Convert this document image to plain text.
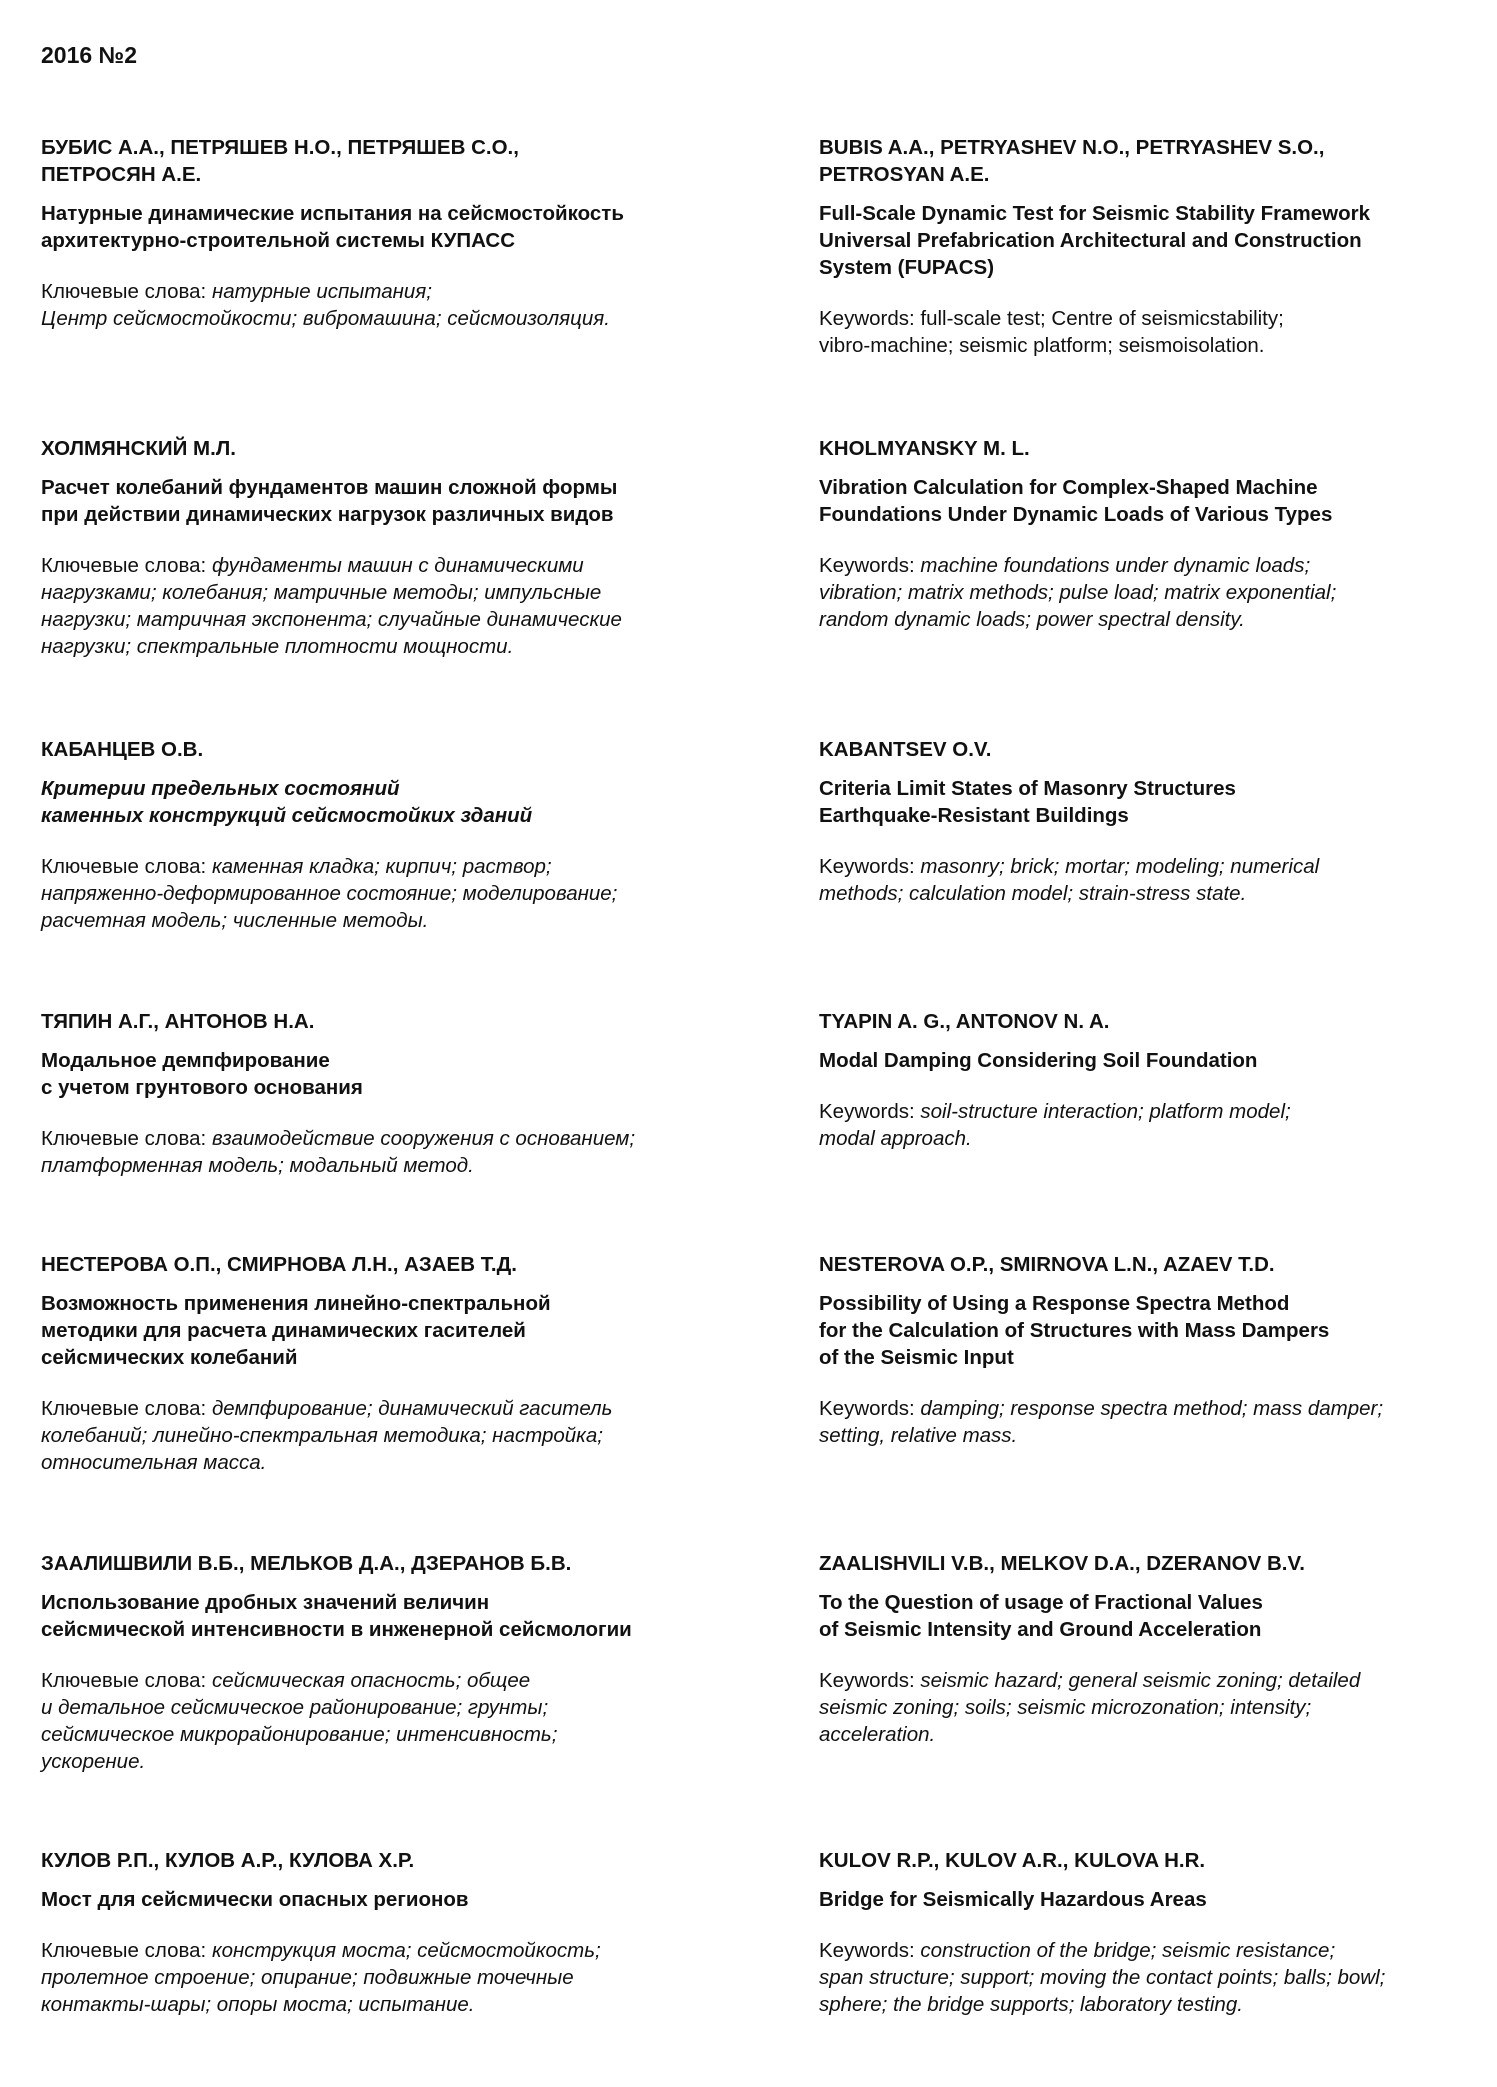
2016 №2
БУБИС А.А., ПЕТРЯШЕВ Н.О., ПЕТРЯШЕВ С.О.,
ПЕТРОСЯН А.Е.
Натурные динамические испытания на сейсмостойкость
архитектурно-строительной системы КУПАСС
Ключевые слова: натурные испытания;
Центр сейсмостойкости; вибромашина; сейсмоизоляция.
BUBIS A.A., PETRYASHEV N.O., PETRYASHEV S.O.,
PETROSYAN A.E.
Full-Scale Dynamic Test for Seismic Stability Framework
Universal Prefabrication Architectural and Construction
System (FUPACS)
Keywords: full-scale test; Centre of seismicstability;
vibro-machine; seismic platform; seismoisolation.
ХОЛМЯНСКИЙ М.Л.
Расчет колебаний фундаментов машин сложной формы
при действии динамических нагрузок различных видов
Ключевые слова: фундаменты машин с динамическими
нагрузками; колебания; матричные методы; импульсные
нагрузки; матричная экспонента; случайные динамические
нагрузки; спектральные плотности мощности.
KHOLMYANSKY M. L.
Vibration Calculation for Complex-Shaped Machine
Foundations Under Dynamic Loads of Various Types
Keywords: machine foundations under dynamic loads;
vibration; matrix methods; pulse load; matrix exponential;
random dynamic loads; power spectral density.
КАБАНЦЕВ О.В.
Критерии предельных состояний
каменных конструкций сейсмостойких зданий
Ключевые слова: каменная кладка; кирпич; раствор;
напряженно-деформированное состояние; моделирование;
расчетная модель; численные методы.
KABANTSEV O.V.
Criteria Limit States of Masonry Structures
Earthquake-Resistant Buildings
Keywords: masonry; brick; mortar; modeling; numerical
methods; calculation model; strain-stress state.
ТЯПИН А.Г., АНТОНОВ Н.А.
Модальное демпфирование
с учетом грунтового основания
Ключевые слова: взаимодействие сооружения с основанием;
платформенная модель; модальный метод.
TYAPIN A. G., ANTONOV N. A.
Modal Damping Considering Soil Foundation
Keywords: soil-structure interaction; platform model;
modal approach.
НЕСТЕРОВА О.П., СМИРНОВА Л.Н., АЗАЕВ Т.Д.
Возможность применения линейно-спектральной
методики для расчета динамических гасителей
сейсмических колебаний
Ключевые слова: демпфирование; динамический гаситель
колебаний; линейно-спектральная методика; настройка;
относительная масса.
NESTEROVA O.P., SMIRNOVA L.N., AZAEV T.D.
Possibility of Using a Response Spectra Method
for the Calculation of Structures with Mass Dampers
of the Seismic Input
Keywords: damping; response spectra method; mass damper;
setting, relative mass.
ЗААЛИШВИЛИ В.Б., МЕЛЬКОВ Д.А., ДЗЕРАНОВ Б.В.
Использование дробных значений величин
сейсмической интенсивности в инженерной сейсмологии
Ключевые слова: сейсмическая опасность; общее
и детальное сейсмическое районирование; грунты;
сейсмическое микрорайонирование; интенсивность;
ускорение.
ZAALISHVILI V.B., MELKOV D.A., DZERANOV B.V.
To the Question of usage of Fractional Values
of Seismic Intensity and Ground Acceleration
Keywords: seismic hazard; general seismic zoning; detailed
seismic zoning; soils; seismic microzonation; intensity;
acceleration.
КУЛОВ Р.П., КУЛОВ А.Р., КУЛОВА Х.Р.
Мост для сейсмически опасных регионов
Ключевые слова: конструкция моста; сейсмостойкость;
пролетное строение; опирание; подвижные точечные
контакты-шары; опоры моста; испытание.
KULOV R.P., KULOV A.R., KULOVA H.R.
Bridge for Seismically Hazardous Areas
Keywords: construction of the bridge; seismic resistance;
span structure; support; moving the contact points; balls; bowl;
sphere; the bridge supports; laboratory testing.
